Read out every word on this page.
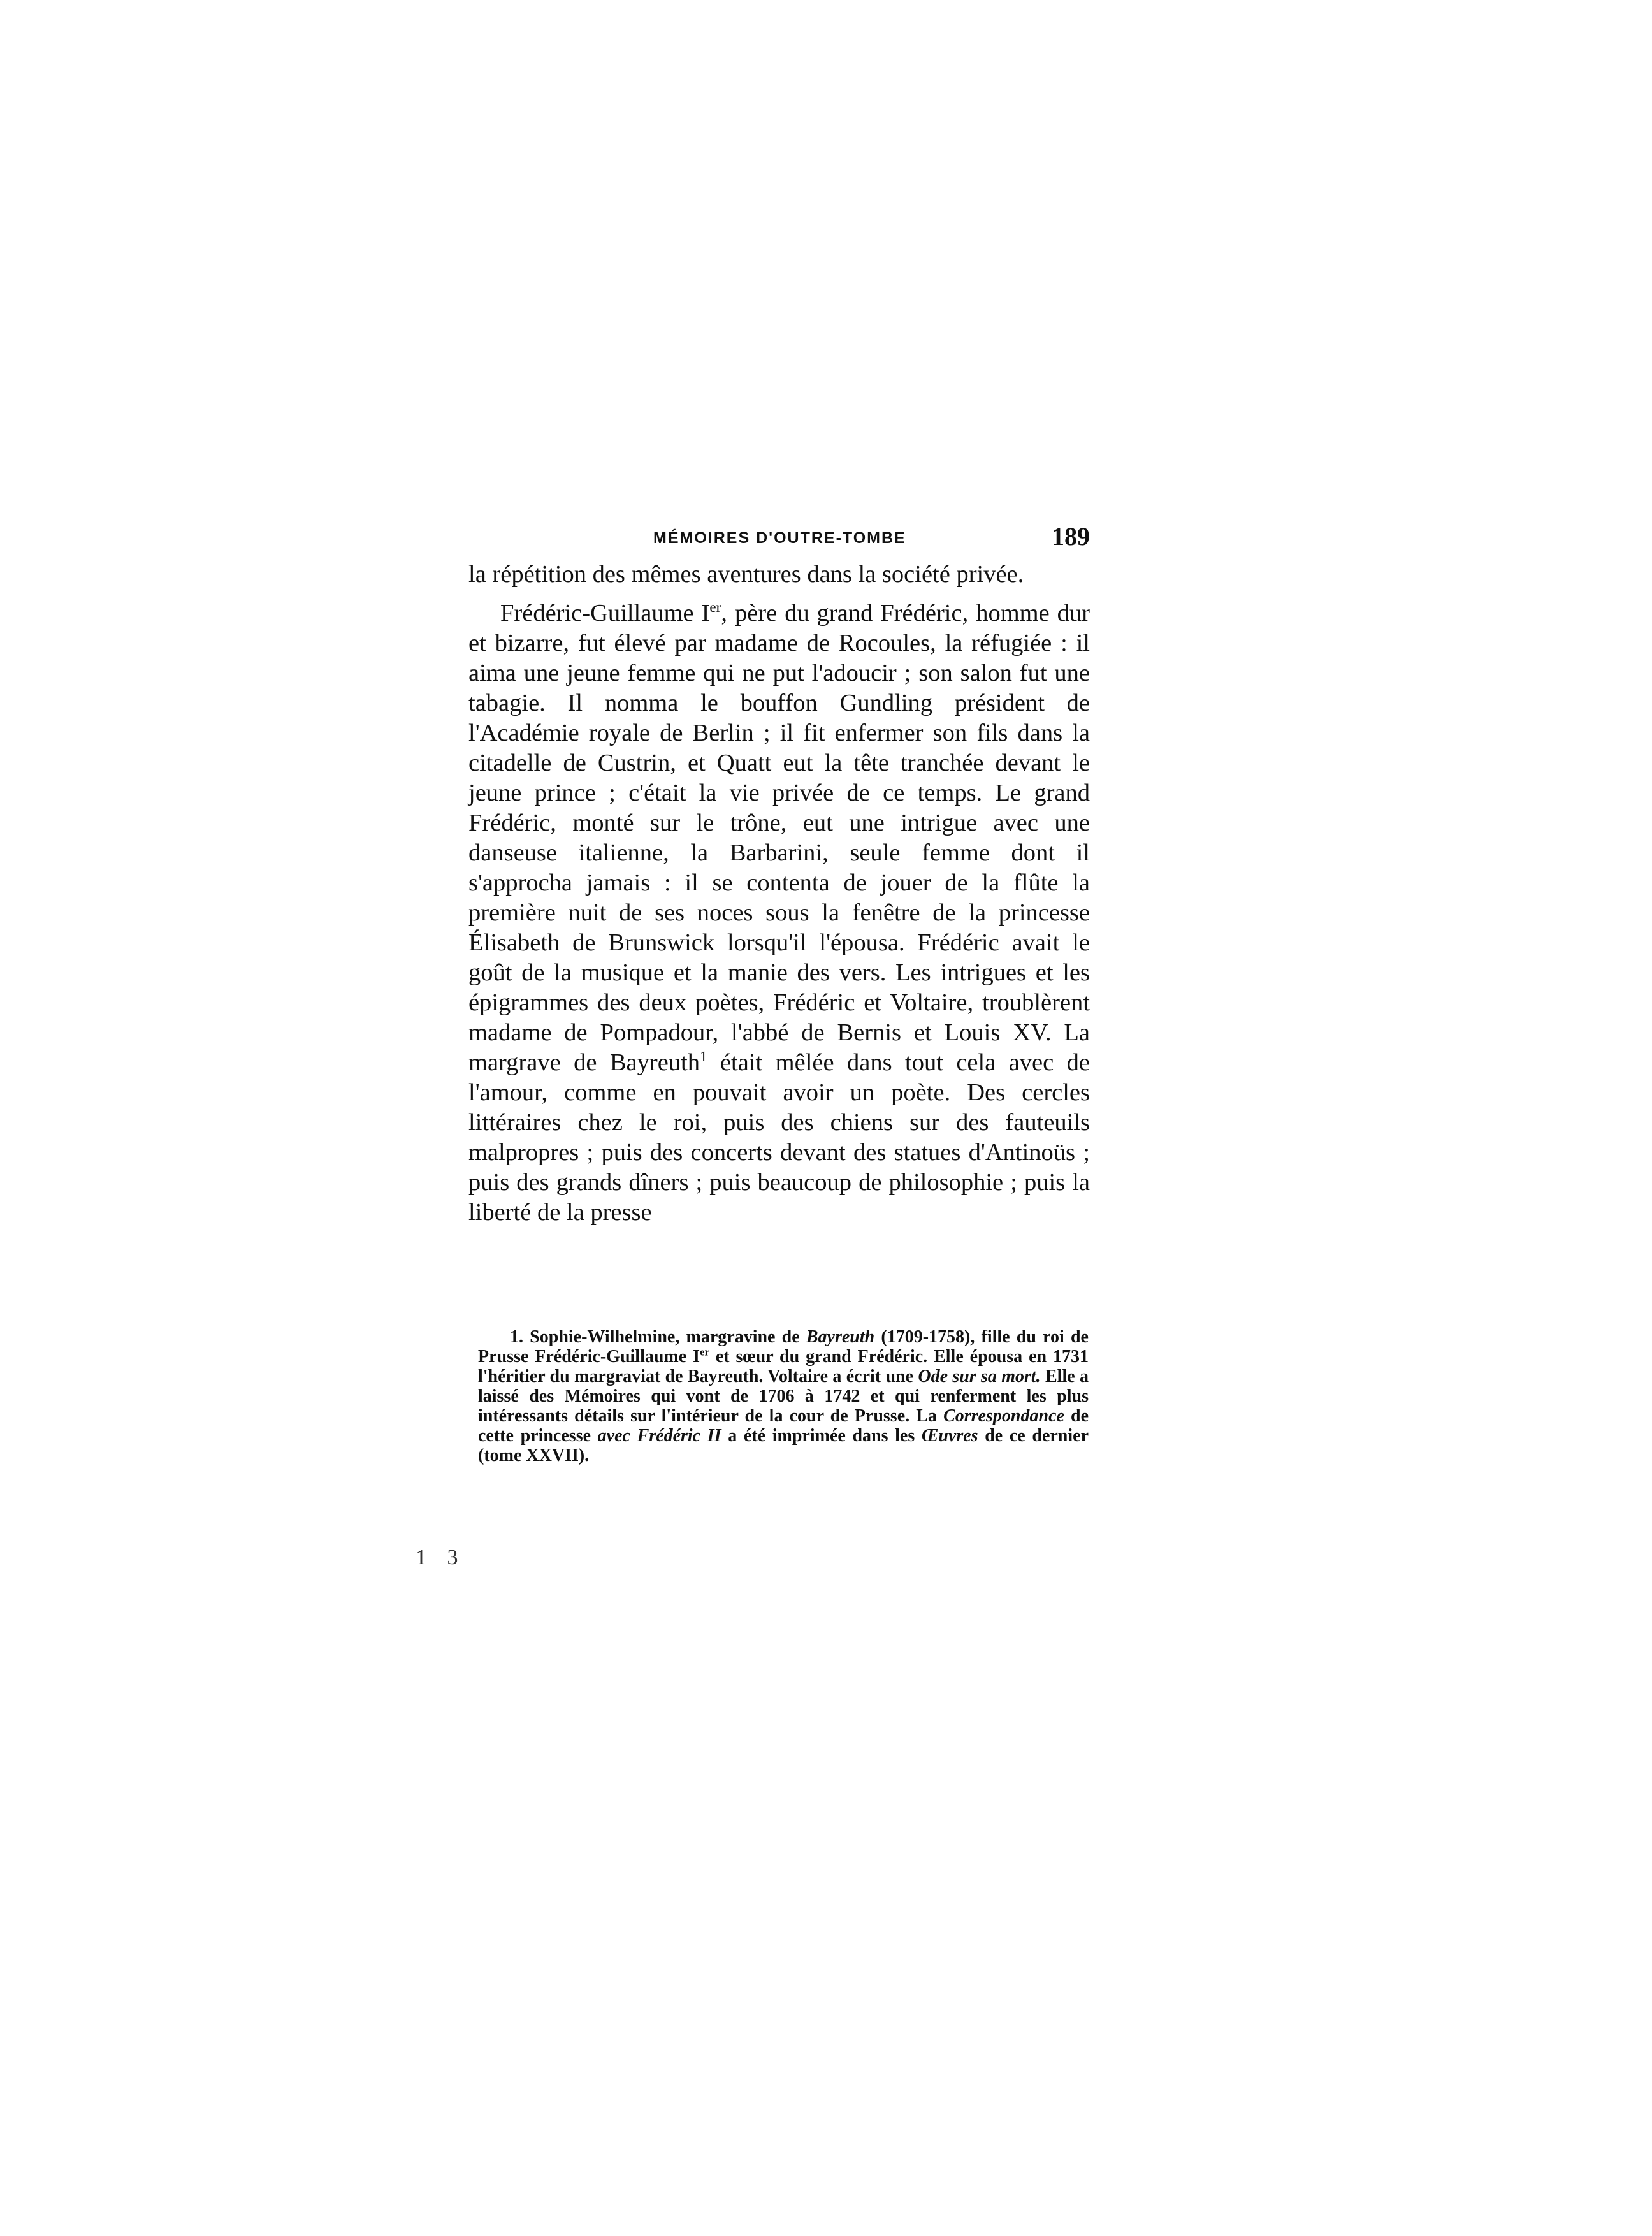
MÉMOIRES D'OUTRE-TOMBE	189

la répétition des mêmes aventures dans la société privée.

Frédéric-Guillaume Ier, père du grand Frédéric, homme dur et bizarre, fut élevé par madame de Rocoules, la réfugiée : il aima une jeune femme qui ne put l'adoucir ; son salon fut une tabagie. Il nomma le bouffon Gundling président de l'Académie royale de Berlin ; il fit enfermer son fils dans la citadelle de Custrin, et Quatt eut la tête tranchée devant le jeune prince ; c'était la vie privée de ce temps. Le grand Frédéric, monté sur le trône, eut une intrigue avec une danseuse italienne, la Barbarini, seule femme dont il s'approcha jamais : il se contenta de jouer de la flûte la première nuit de ses noces sous la fenêtre de la princesse Élisabeth de Brunswick lorsqu'il l'épousa. Frédéric avait le goût de la musique et la manie des vers. Les intrigues et les épigrammes des deux poètes, Frédéric et Voltaire, troublèrent madame de Pompadour, l'abbé de Bernis et Louis XV. La margrave de Bayreuth$^1$ était mêlée dans tout cela avec de l'amour, comme en pouvait avoir un poète. Des cercles littéraires chez le roi, puis des chiens sur des fauteuils malpropres ; puis des concerts devant des statues d'Antinoüs ; puis des grands dîners ; puis beaucoup de philosophie ; puis la liberté de la presse

1. Sophie-Wilhelmine, margravine de Bayreuth (1709-1758), fille du roi de Prusse Frédéric-Guillaume Ier et sœur du grand Frédéric. Elle épousa en 1731 l'héritier du margraviat de Bayreuth. Voltaire a écrit une Ode sur sa mort. Elle a laissé des Mémoires qui vont de 1706 à 1742 et qui renferment les plus intéressants détails sur l'intérieur de la cour de Prusse. La Correspondance de cette princesse avec Frédéric II a été imprimée dans les Œuvres de ce dernier (tome XXVII).
1 3
